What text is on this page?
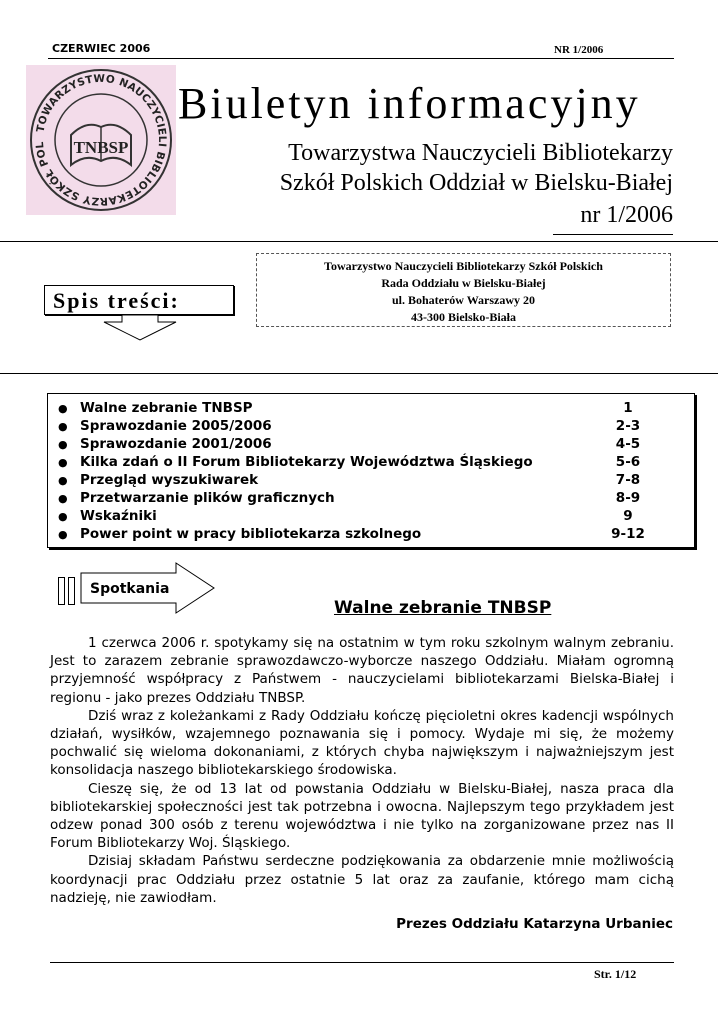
CZERWIEC 2006	NR 1/2006
TOWARZYSTWO NAUCZYCIELI BIBLIOTEKARZY SZKÓŁ POL	TNBSP
Biuletyn informacyjny
Towarzystwa Nauczycieli Bibliotekarzy
Szkół Polskich Oddział w Bielsku-Białej
nr 1/2006
Spis treści:
Towarzystwo Nauczycieli Bibliotekarzy Szkół Polskich
Rada Oddziału w Bielsku-Białej
ul. Bohaterów Warszawy 20
43-300 Bielsko-Biała
● Walne zebranie TNBSP	1
● Sprawozdanie 2005/2006	2-3
● Sprawozdanie 2001/2006	4-5
● Kilka zdań o II Forum Bibliotekarzy Województwa Śląskiego	5-6
● Przegląd wyszukiwarek	7-8
● Przetwarzanie plików graficznych	8-9
● Wskaźniki	9
● Power point w pracy bibliotekarza szkolnego	9-12
Spotkania
Walne zebranie TNBSP

1 czerwca 2006 r. spotykamy się na ostatnim w tym roku szkolnym walnym zebraniu. Jest to zarazem zebranie sprawozdawczo-wyborcze naszego Oddziału. Miałam ogromną przyjemność współpracy z Państwem - nauczycielami bibliotekarzami Bielska-Białej i regionu - jako prezes Oddziału TNBSP.

Dziś wraz z koleżankami z Rady Oddziału kończę pięcioletni okres kadencji wspólnych działań, wysiłków, wzajemnego poznawania się i pomocy. Wydaje mi się, że możemy pochwalić się wieloma dokonaniami, z których chyba największym i najważniejszym jest konsolidacja naszego bibliotekarskiego środowiska.

Cieszę się, że od 13 lat od powstania Oddziału w Bielsku-Białej, nasza praca dla bibliotekarskiej społeczności jest tak potrzebna i owocna. Najlepszym tego przykładem jest odzew ponad 300 osób z terenu województwa i nie tylko na zorganizowane przez nas II Forum Bibliotekarzy Woj. Śląskiego.

Dzisiaj składam Państwu serdeczne podziękowania za obdarzenie mnie możliwością koordynacji prac Oddziału przez ostatnie 5 lat oraz za zaufanie, którego mam cichą nadzieję, nie zawiodłam.

Prezes Oddziału Katarzyna Urbaniec
Str. 1/12
